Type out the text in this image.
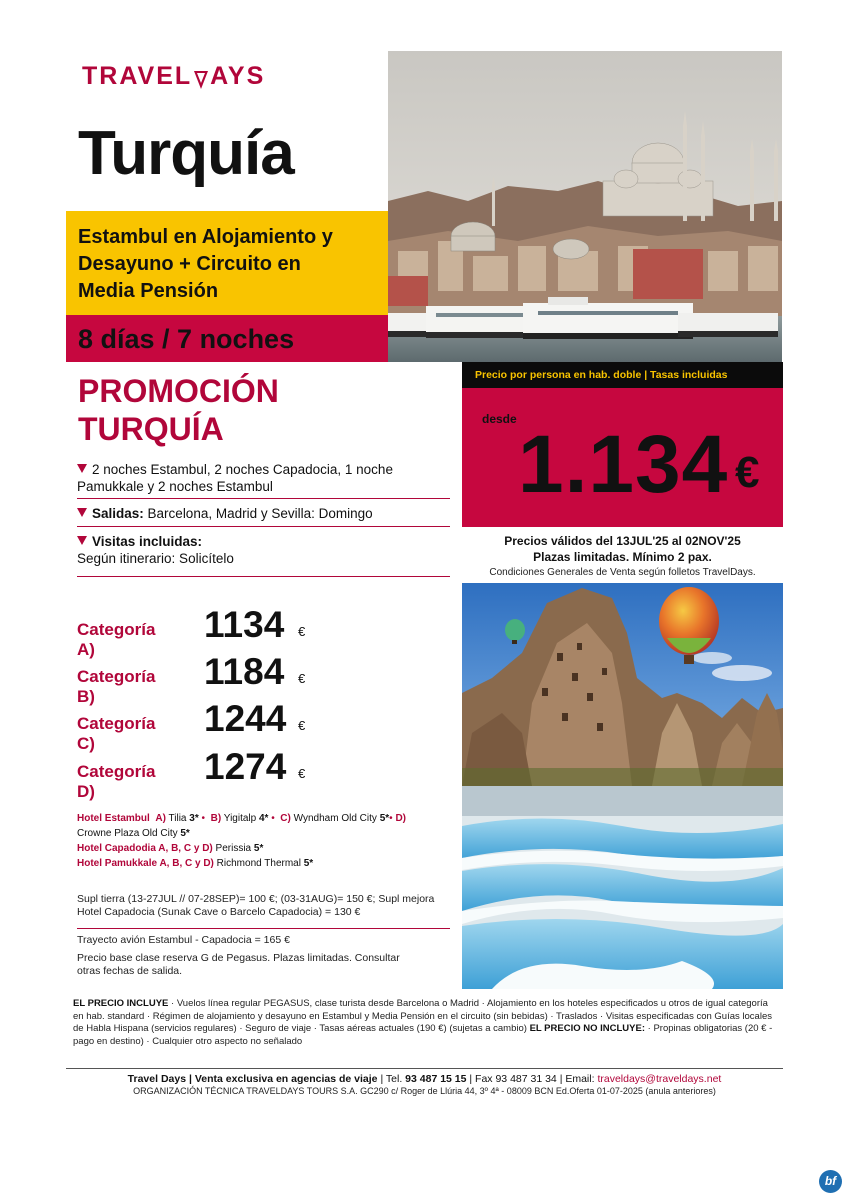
TRAVEL AYS
Turquía
Estambul en Alojamiento y
Desayuno + Circuito en
Media Pensión
8 días / 7 noches
PROMOCIÓN
TURQUÍA
2 noches Estambul, 2 noches Capadocia, 1 noche
Pamukkale y 2 noches Estambul
Salidas: Barcelona, Madrid y Sevilla: Domingo
Visitas incluidas:
Según itinerario: Solicítelo
Precio por persona en hab. doble | Tasas incluidas
desde 1.134 €
Precios válidos del 13JUL'25 al 02NOV'25
Plazas limitadas. Mínimo 2 pax.
Condiciones Generales de Venta según folletos TravelDays.
Categoría A)
1134 €
Categoría B)
1184 €
Categoría C)
1244 €
Categoría D)
1274 €
Hotel Estambul A) Tilia 3* • B) Yigitalp 4* • C) Wyndham Old City 5*• D)
Crowne Plaza Old City 5*
Hotel Capadodia A, B, C y D) Perissia 5*
Hotel Pamukkale A, B, C y D) Richmond Thermal 5*
Supl tierra (13-27JUL // 07-28SEP)= 100 €; (03-31AUG)= 150 €; Supl mejora
Hotel Capadocia (Sunak Cave o Barcelo Capadocia) = 130 €
Trayecto avión Estambul - Capadocia = 165 €
Precio base clase reserva G de Pegasus. Plazas limitadas. Consultar
otras fechas de salida.
EL PRECIO INCLUYE · Vuelos línea regular PEGASUS, clase turista desde Barcelona o Madrid · Alojamiento en los hoteles especificados u otros de igual categoría en hab. standard · Régimen de alojamiento y desayuno en Estambul y Media Pensión en el circuito (sin bebidas) · Traslados · Visitas especificadas con Guías locales de Habla Hispana (servicios regulares) · Seguro de viaje · Tasas aéreas actuales (190 €) (sujetas a cambio) EL PRECIO NO INCLUYE: · Propinas obligatorias (20 € - pago en destino) · Cualquier otro aspecto no señalado
Travel Days | Venta exclusiva en agencias de viaje | Tel. 93 487 15 15 | Fax 93 487 31 34 | Email: traveldays@traveldays.net
ORGANIZACIÓN TÉCNICA TRAVELDAYS TOURS S.A. GC290 c/ Roger de Llúria 44, 3º 4ª - 08009 BCN Ed.Oferta 01-07-2025 (anula anteriores)
bf
